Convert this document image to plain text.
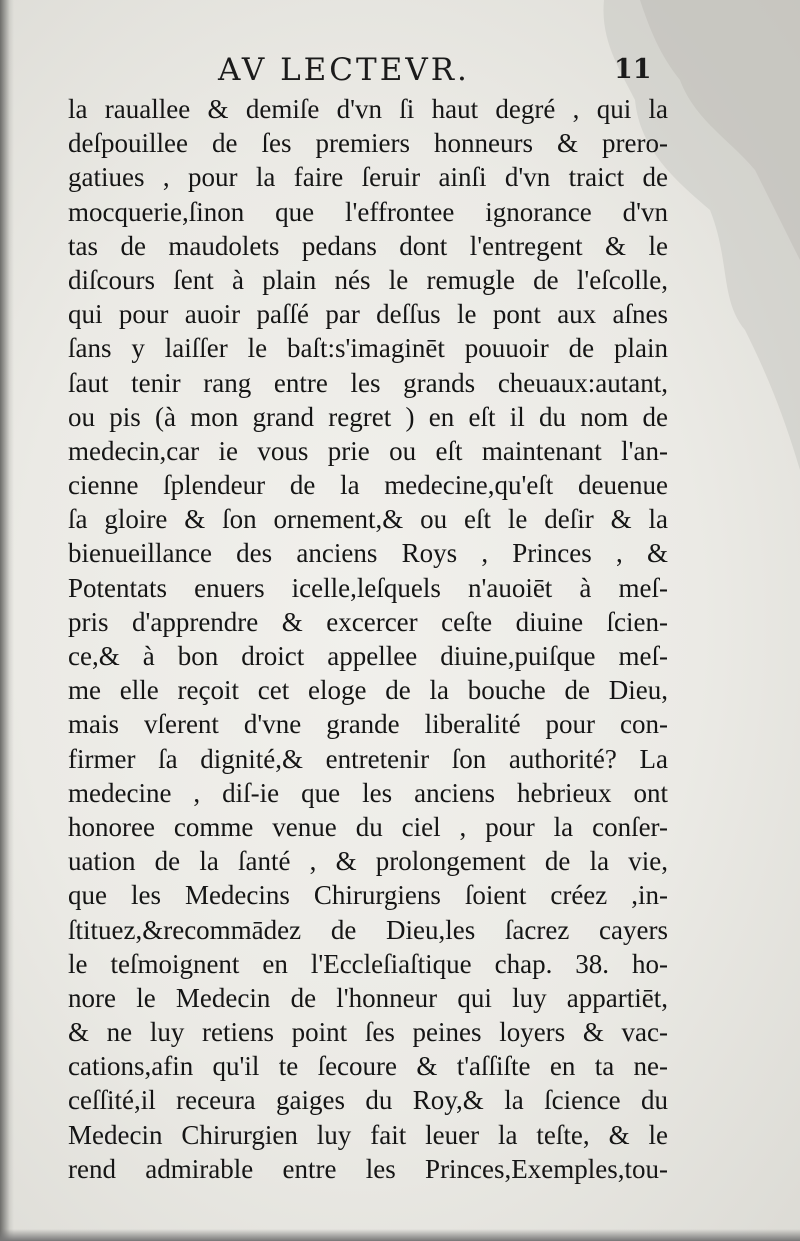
AV LECTEVR.	11
la rauallee & demiſe d'vn ſi haut degré , qui la
deſpouillee de ſes premiers honneurs & prero-
gatiues , pour la faire ſeruir ainſi d'vn traict de
mocquerie,ſinon que l'effrontee ignorance d'vn
tas de maudolets pedans dont l'entregent & le
diſcours ſent à plain nés le remugle de l'eſcolle,
qui pour auoir paſſé par deſſus le pont aux aſnes
ſans y laiſſer le baſt:s'imaginēt pouuoir de plain
ſaut tenir rang entre les grands cheuaux:autant,
ou pis (à mon grand regret ) en eſt il du nom de
medecin,car ie vous prie ou eſt maintenant l'an-
cienne ſplendeur de la medecine,qu'eſt deuenue
ſa gloire & ſon ornement,& ou eſt le deſir & la
bienueillance des anciens Roys , Princes , &
Potentats enuers icelle,leſquels n'auoiēt à meſ-
pris d'apprendre & excercer ceſte diuine ſcien-
ce,& à bon droict appellee diuine,puiſque meſ-
me elle reçoit cet eloge de la bouche de Dieu,
mais vſerent d'vne grande liberalité pour con-
firmer ſa dignité,& entretenir ſon authorité? La
medecine , diſ-ie que les anciens hebrieux ont
honoree comme venue du ciel , pour la conſer-
uation de la ſanté , & prolongement de la vie,
que les Medecins Chirurgiens ſoient créez ,in-
ſtituez,&recommādez de Dieu,les ſacrez cayers
le teſmoignent en l'Eccleſiaſtique chap. 38. ho-
nore le Medecin de l'honneur qui luy appartiēt,
& ne luy retiens point ſes peines loyers & vac-
cations,afin qu'il te ſecoure & t'aſſiſte en ta ne-
ceſſité,il receura gaiges du Roy,& la ſcience du
Medecin Chirurgien luy fait leuer la teſte, & le
rend admirable entre les Princes,Exemples,tou-
